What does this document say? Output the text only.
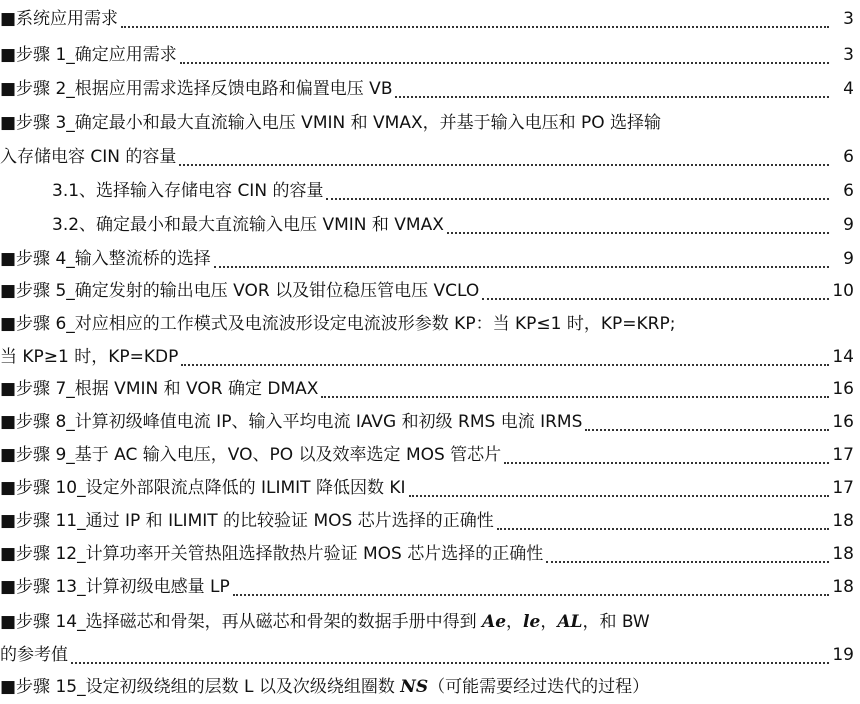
■系统应用需求	3
■步骤 1_确定应用需求	3
■步骤 2_根据应用需求选择反馈电路和偏置电压 VB	4
■步骤 3_确定最小和最大直流输入电压 VMIN 和 VMAX，并基于输入电压和 PO 选择输
入存储电容 CIN 的容量	6
3.1、选择输入存储电容 CIN 的容量	6
3.2、确定最小和最大直流输入电压 VMIN 和 VMAX	9
■步骤 4_输入整流桥的选择	9
■步骤 5_确定发射的输出电压 VOR 以及钳位稳压管电压 VCLO	10
■步骤 6_对应相应的工作模式及电流波形设定电流波形参数 KP：当 KP≤1 时，KP=KRP;
当 KP≥1 时，KP=KDP	14
■步骤 7_根据 VMIN 和 VOR 确定 DMAX	16
■步骤 8_计算初级峰值电流 IP、输入平均电流 IAVG 和初级 RMS 电流 IRMS	16
■步骤 9_基于 AC 输入电压，VO、PO 以及效率选定 MOS 管芯片	17
■步骤 10_设定外部限流点降低的 ILIMIT 降低因数 KI	17
■步骤 11_通过 IP 和 ILIMIT 的比较验证 MOS 芯片选择的正确性	18
■步骤 12_计算功率开关管热阻选择散热片验证 MOS 芯片选择的正确性	18
■步骤 13_计算初级电感量 LP	18
■步骤 14_选择磁芯和骨架，再从磁芯和骨架的数据手册中得到 Ae，le，AL，和 BW
的参考值	19
■步骤 15_设定初级绕组的层数 L 以及次级绕组圈数 NS（可能需要经过迭代的过程）
